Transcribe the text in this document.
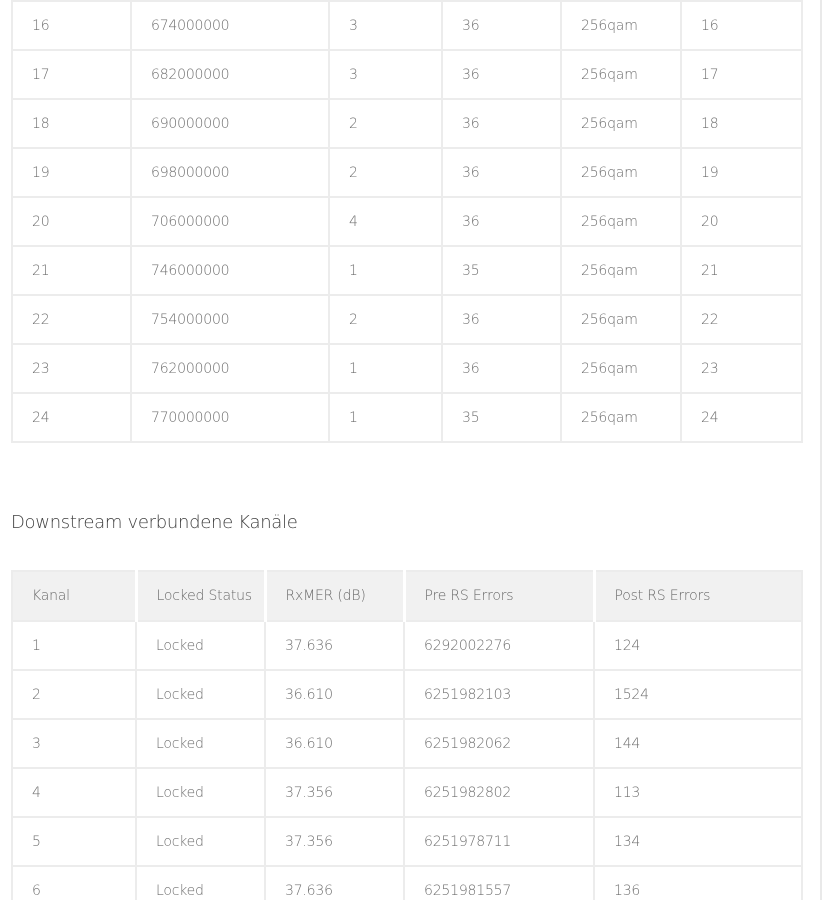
16	674000000	3	36	256qam	16
17	682000000	3	36	256qam	17
18	690000000	2	36	256qam	18
19	698000000	2	36	256qam	19
20	706000000	4	36	256qam	20
21	746000000	1	35	256qam	21
22	754000000	2	36	256qam	22
23	762000000	1	36	256qam	23
24	770000000	1	35	256qam	24
Downstream verbundene Kanäle
Kanal	Locked Status	RxMER (dB)	Pre RS Errors	Post RS Errors
1	Locked	37.636	6292002276	124
2	Locked	36.610	6251982103	1524
3	Locked	36.610	6251982062	144
4	Locked	37.356	6251982802	113
5	Locked	37.356	6251978711	134
6	Locked	37.636	6251981557	136
